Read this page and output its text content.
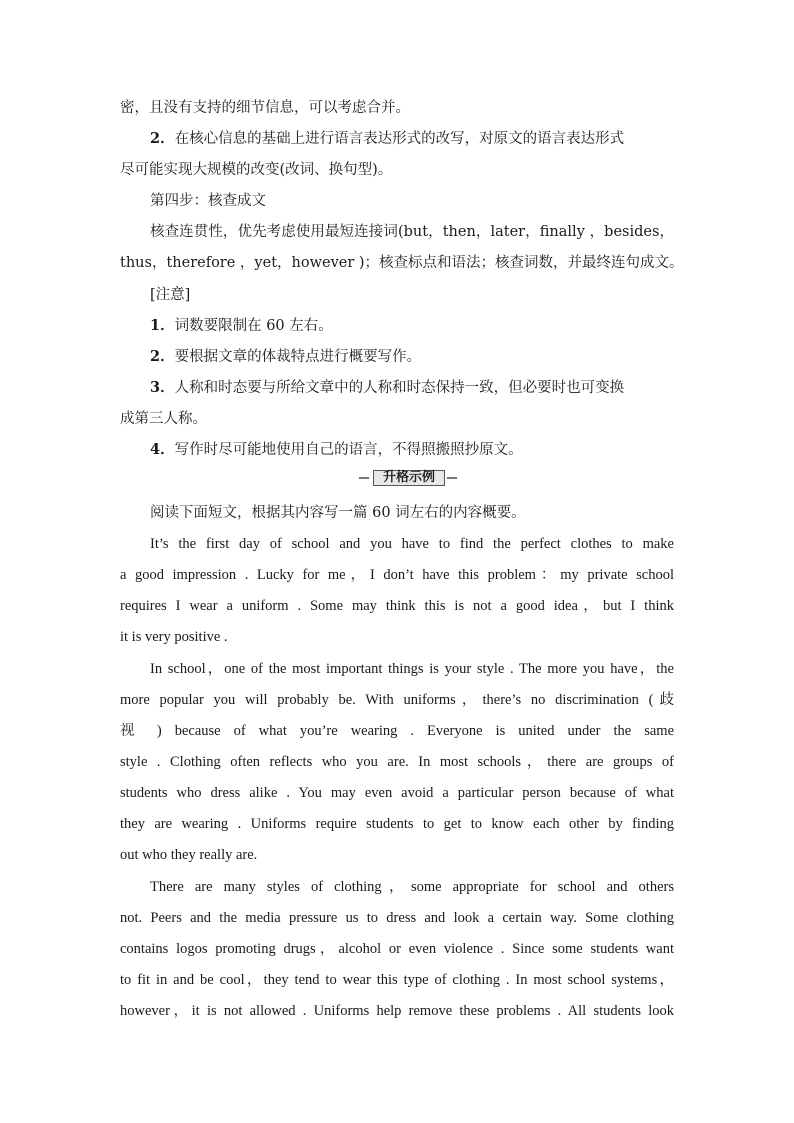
密，且没有支持的细节信息，可以考虑合并。
2．在核心信息的基础上进行语言表达形式的改写，对原文的语言表达形式
尽可能实现大规模的改变(改词、换句型)。
第四步：核查成文
核查连贯性，优先考虑使用最短连接词(but，then，later，finally ，besides，
thus，therefore ，yet，however )；核查标点和语法；核查词数，并最终连句成文。
[注意]
1．词数要限制在 60 左右。
2．要根据文章的体裁特点进行概要写作。
3．人称和时态要与所给文章中的人称和时态保持一致，但必要时也可变换
成第三人称。
4．写作时尽可能地使用自己的语言，不得照搬照抄原文。
升格示例
阅读下面短文，根据其内容写一篇 60 词左右的内容概要。
It’s the first day of school and you have to find the perfect clothes to make
a good impression . Lucky for me，I don’t have this problem：my private school
requires I wear a uniform . Some may think this is not a good idea，but I think
it is very positive .
In school，one of the most important things is your style . The more you have，the
more popular you will probably be. With uniforms，there’s no discrimination (歧
视 ) because of what you’re wearing . Everyone is united under the same
style . Clothing often reflects who you are. In most schools，there are groups of
students who dress alike . You may even avoid a particular person because of what
they are wearing . Uniforms require students to get to know each other by finding
out who they really are.
There are many styles of clothing，some appropriate for school and others
not. Peers and the media pressure us to dress and look a certain way. Some clothing
contains logos promoting drugs，alcohol or even violence . Since some students want
to fit in and be cool，they tend to wear this type of clothing . In most school systems，
however，it is not allowed . Uniforms help remove these problems . All students look
